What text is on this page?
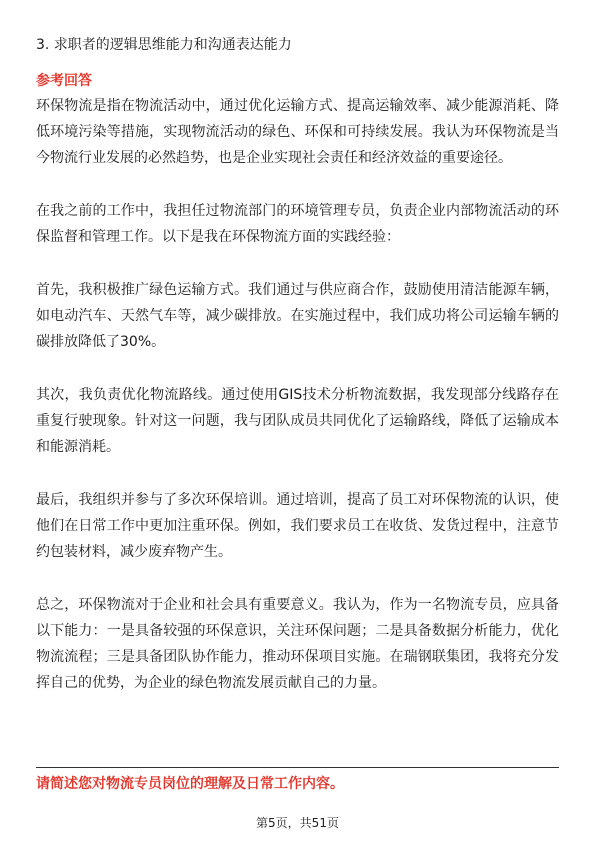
3. 求职者的逻辑思维能力和沟通表达能力
参考回答

环保物流是指在物流活动中，通过优化运输方式、提高运输效率、减少能源消耗、降低环境污染等措施，实现物流活动的绿色、环保和可持续发展。我认为环保物流是当今物流行业发展的必然趋势，也是企业实现社会责任和经济效益的重要途径。

在我之前的工作中，我担任过物流部门的环境管理专员，负责企业内部物流活动的环保监督和管理工作。以下是我在环保物流方面的实践经验：

首先，我积极推广绿色运输方式。我们通过与供应商合作，鼓励使用清洁能源车辆，如电动汽车、天然气车等，减少碳排放。在实施过程中，我们成功将公司运输车辆的碳排放降低了30%。

其次，我负责优化物流路线。通过使用GIS技术分析物流数据，我发现部分线路存在重复行驶现象。针对这一问题，我与团队成员共同优化了运输路线，降低了运输成本和能源消耗。

最后，我组织并参与了多次环保培训。通过培训，提高了员工对环保物流的认识，使他们在日常工作中更加注重环保。例如，我们要求员工在收货、发货过程中，注意节约包装材料，减少废弃物产生。

总之，环保物流对于企业和社会具有重要意义。我认为，作为一名物流专员，应具备以下能力：一是具备较强的环保意识，关注环保问题；二是具备数据分析能力，优化物流流程；三是具备团队协作能力，推动环保项目实施。在瑞钢联集团，我将充分发挥自己的优势，为企业的绿色物流发展贡献自己的力量。

请简述您对物流专员岗位的理解及日常工作内容。
第5页，共51页
